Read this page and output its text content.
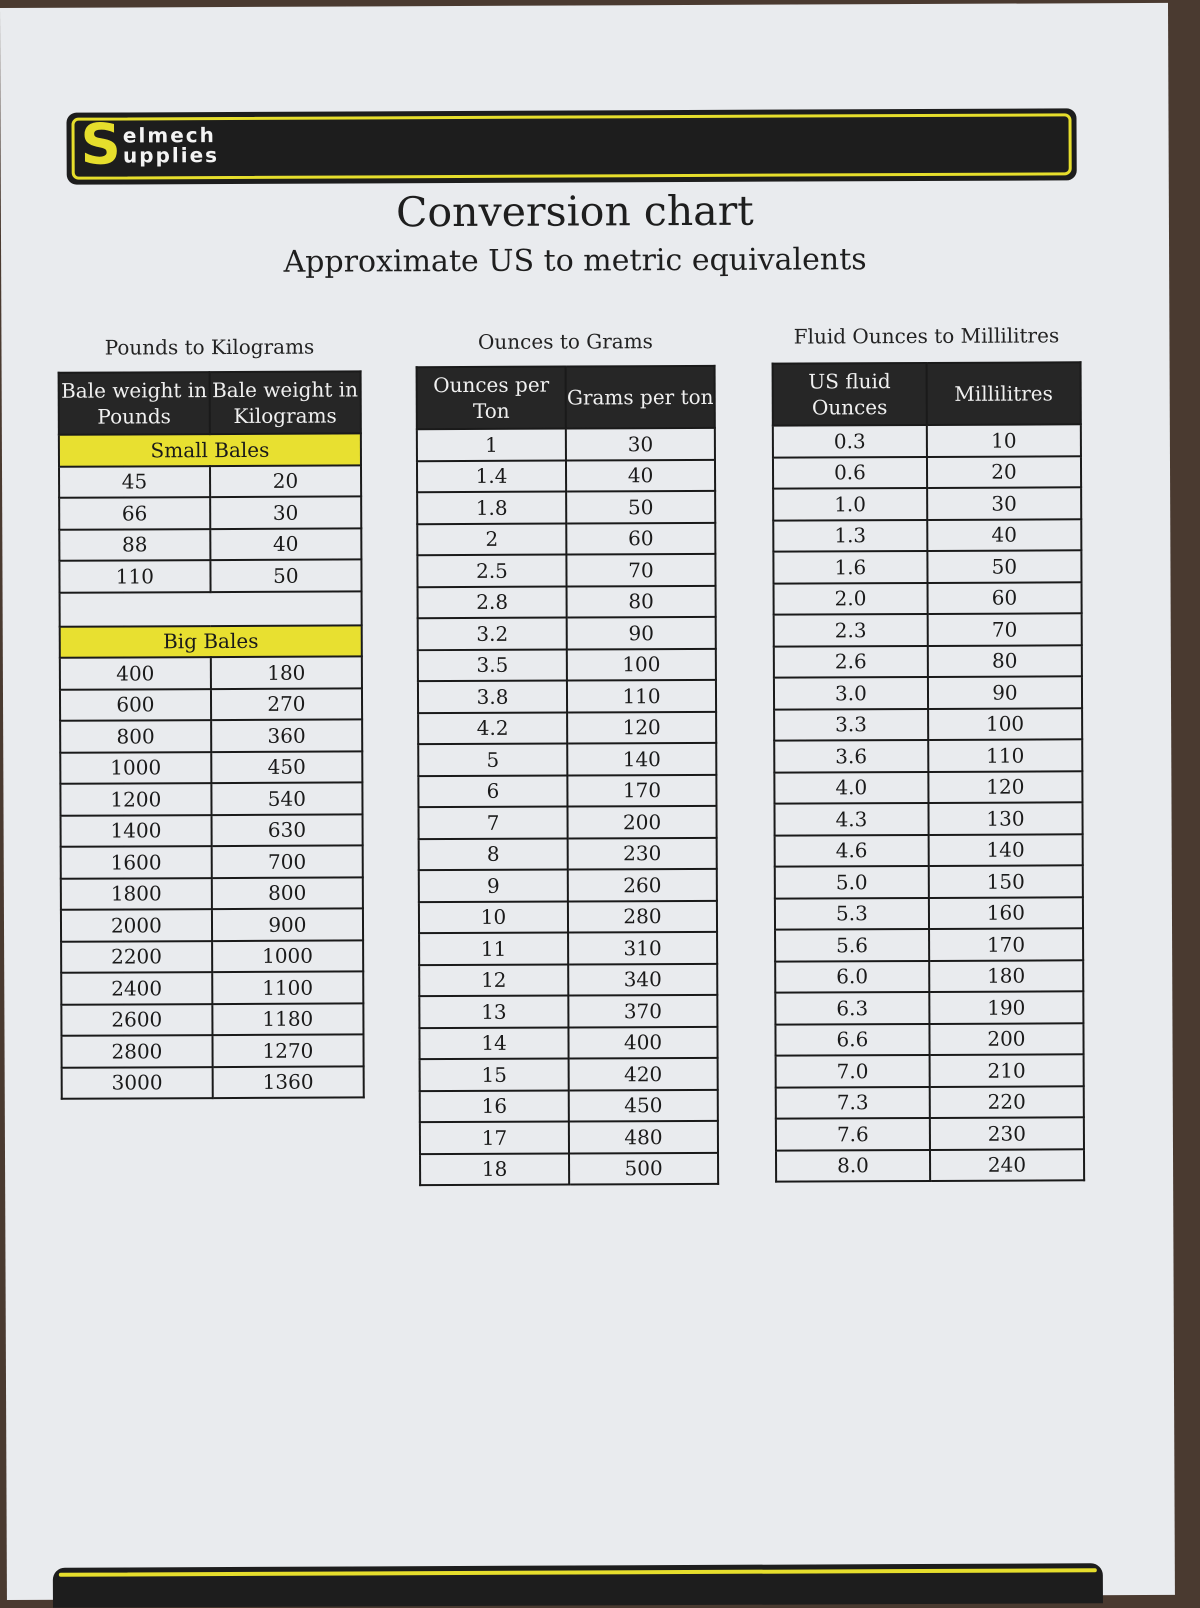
S elmech
upplies
Conversion chart
Approximate US to metric equivalents
Pounds to Kilograms
Bale weight in Pounds	Bale weight in Kilograms
Small Bales	
45	20
66	30
88	40
110	50

Big Bales	
400	180
600	270
800	360
1000	450
1200	540
1400	630
1600	700
1800	800
2000	900
2200	1000
2400	1100
2600	1180
2800	1270
3000	1360
Ounces to Grams
Ounces per Ton	Grams per ton
1	30
1.4	40
1.8	50
2	60
2.5	70
2.8	80
3.2	90
3.5	100
3.8	110
4.2	120
5	140
6	170
7	200
8	230
9	260
10	280
11	310
12	340
13	370
14	400
15	420
16	450
17	480
18	500
Fluid Ounces to Millilitres
US fluid Ounces	Millilitres
0.3	10
0.6	20
1.0	30
1.3	40
1.6	50
2.0	60
2.3	70
2.6	80
3.0	90
3.3	100
3.6	110
4.0	120
4.3	130
4.6	140
5.0	150
5.3	160
5.6	170
6.0	180
6.3	190
6.6	200
7.0	210
7.3	220
7.6	230
8.0	240
